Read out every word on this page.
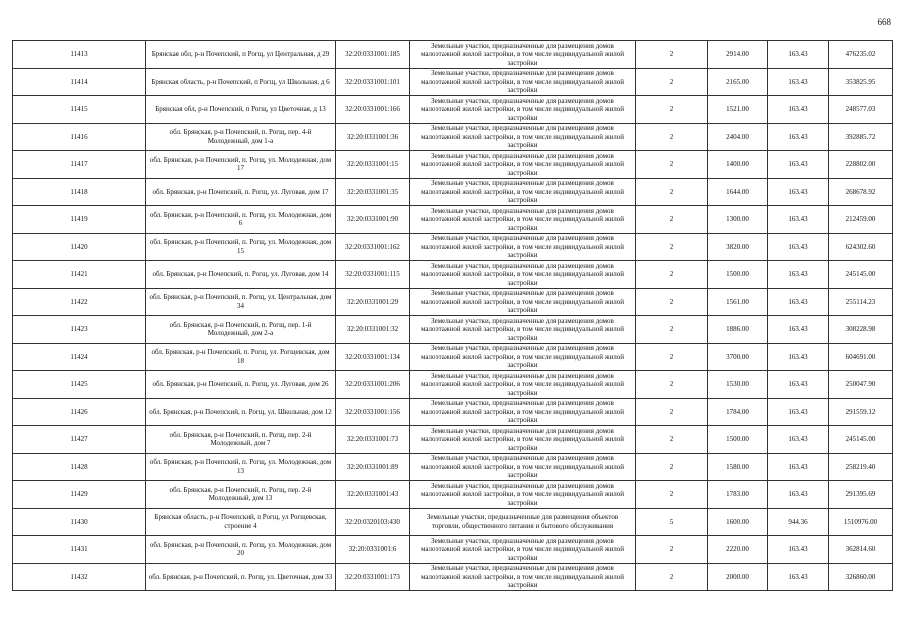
668
11413	Брянская обл, р-н Почепский, п Рогщ, ул Центральная, д 29	32:20:0331001:185	Земельные участки, предназначенные для размещения домов малоэтажной жилой застройки, в том числе индивидуальной жилой застройки	2	2914.00	163.43	476235.02
11414	Брянская область, р-н Почепский, п Рогщ, ул Школьная, д 6	32:20:0331001:101	Земельные участки, предназначенные для размещения домов малоэтажной жилой застройки, в том числе индивидуальной жилой застройки	2	2165.00	163.43	353825.95
11415	Брянская обл, р-н Почепский, п Рогщ, ул Цветочная, д 13	32:20:0331001:166	Земельные участки, предназначенные для размещения домов малоэтажной жилой застройки, в том числе индивидуальной жилой застройки	2	1521.00	163.43	248577.03
11416	обл. Брянская, р-н Почепский, п. Рогщ, пер. 4-й Молодежный, дом 1-а	32:20:0331001:36	Земельные участки, предназначенные для размещения домов малоэтажной жилой застройки, в том числе индивидуальной жилой застройки	2	2404.00	163.43	392885.72
11417	обл. Брянская, р-н Почепский, п. Рогщ, ул. Молодежная, дом 17	32:20:0331001:15	Земельные участки, предназначенные для размещения домов малоэтажной жилой застройки, в том числе индивидуальной жилой застройки	2	1400.00	163.43	228802.00
11418	обл. Брянская, р-н Почепский, п. Рогщ, ул. Луговая, дом 17	32:20:0331001:35	Земельные участки, предназначенные для размещения домов малоэтажной жилой застройки, в том числе индивидуальной жилой застройки	2	1644.00	163.43	268678.92
11419	обл. Брянская, р-н Почепский, п. Рогщ, ул. Молодежная, дом 6	32:20:0331001:90	Земельные участки, предназначенные для размещения домов малоэтажной жилой застройки, в том числе индивидуальной жилой застройки	2	1300.00	163.43	212459.00
11420	обл. Брянская, р-н Почепский, п. Рогщ, ул. Молодежная, дом 15	32:20:0331001:162	Земельные участки, предназначенные для размещения домов малоэтажной жилой застройки, в том числе индивидуальной жилой застройки	2	3820.00	163.43	624302.60
11421	обл. Брянская, р-н Почепский, п. Рогщ, ул. Луговая, дом 14	32:20:0331001:115	Земельные участки, предназначенные для размещения домов малоэтажной жилой застройки, в том числе индивидуальной жилой застройки	2	1500.00	163.43	245145.00
11422	обл. Брянская, р-н Почепский, п. Рогщ, ул. Центральная, дом 34	32:20:0331001:29	Земельные участки, предназначенные для размещения домов малоэтажной жилой застройки, в том числе индивидуальной жилой застройки	2	1561.00	163.43	255114.23
11423	обл. Брянская, р-н Почепский, п. Рогщ, пер. 1-й Молодежный, дом 2-а	32:20:0331001:32	Земельные участки, предназначенные для размещения домов малоэтажной жилой застройки, в том числе индивидуальной жилой застройки	2	1886.00	163.43	308228.98
11424	обл. Брянская, р-н Почепский, п. Рогщ, ул. Рогщевская, дом 18	32:20:0331001:134	Земельные участки, предназначенные для размещения домов малоэтажной жилой застройки, в том числе индивидуальной жилой застройки	2	3700.00	163.43	604691.00
11425	обл. Брянская, р-н Почепский, п. Рогщ, ул. Луговая, дом 26	32:20:0331001:206	Земельные участки, предназначенные для размещения домов малоэтажной жилой застройки, в том числе индивидуальной жилой застройки	2	1530.00	163.43	250047.90
11426	обл. Брянская, р-н Почепский, п. Рогщ, ул. Школьная, дом 12	32:20:0331001:156	Земельные участки, предназначенные для размещения домов малоэтажной жилой застройки, в том числе индивидуальной жилой застройки	2	1784.00	163.43	291559.12
11427	обл. Брянская, р-н Почепский, п. Рогщ, пер. 2-й Молодежный, дом 7	32:20:0331001:73	Земельные участки, предназначенные для размещения домов малоэтажной жилой застройки, в том числе индивидуальной жилой застройки	2	1500.00	163.43	245145.00
11428	обл. Брянская, р-н Почепский, п. Рогщ, ул. Молодежная, дом 13	32:20:0331001:89	Земельные участки, предназначенные для размещения домов малоэтажной жилой застройки, в том числе индивидуальной жилой застройки	2	1580.00	163.43	258219.40
11429	обл. Брянская, р-н Почепский, п. Рогщ, пер. 2-й Молодежный, дом 13	32:20:0331001:43	Земельные участки, предназначенные для размещения домов малоэтажной жилой застройки, в том числе индивидуальной жилой застройки	2	1783.00	163.43	291395.69
11430	Брянская область, р-н Почепский, п Рогщ, ул Рогщевская, строение 4	32:20:0320103:430	Земельные участки, предназначенные для размещения объектов торговли, общественного питания и бытового обслуживания	5	1600.00	944.36	1510976.00
11431	обл. Брянская, р-н Почепский, п. Рогщ, ул. Молодежная, дом 20	32:20:0331001:6	Земельные участки, предназначенные для размещения домов малоэтажной жилой застройки, в том числе индивидуальной жилой застройки	2	2220.00	163.43	362814.60
11432	обл. Брянская, р-н Почепский, п. Рогщ, ул. Цветочная, дом 33	32:20:0331001:173	Земельные участки, предназначенные для размещения домов малоэтажной жилой застройки, в том числе индивидуальной жилой застройки	2	2000.00	163.43	326860.00
